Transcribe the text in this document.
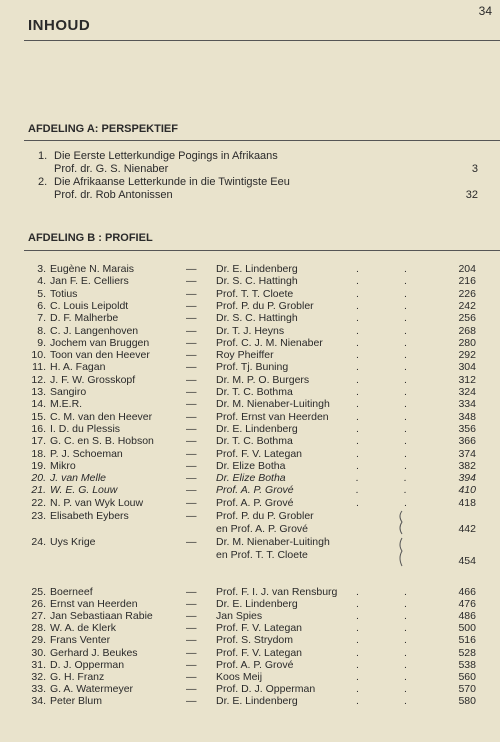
34
INHOUD
AFDELING A: PERSPEKTIEF
1. Die Eerste Letterkundige Pogings in Afrikaans
Prof. dr. G. S. Nienaber	3
2. Die Afrikaanse Letterkunde in die Twintigste Eeu
Prof. dr. Rob Antonissen	32
AFDELING B : PROFIEL
3. Eugène N. Marais	— Dr. E. Lindenberg	.	.	204
4. Jan F. E. Celliers	— Dr. S. C. Hattingh	.	.	216
5. Totius	— Prof. T. T. Cloete	.	.	226
6. C. Louis Leipoldt	— Prof. P. du P. Grobler	.	.	242
7. D. F. Malherbe	— Dr. S. C. Hattingh	.	.	256
8. C. J. Langenhoven	— Dr. T. J. Heyns	.	.	268
9. Jochem van Bruggen	— Prof. C. J. M. Nienaber	.	.	280
10. Toon van den Heever	— Roy Pheiffer	.	.	292
11. H. A. Fagan	— Prof. Tj. Buning	.	.	304
12. J. F. W. Grosskopf	— Dr. M. P. O. Burgers	.	.	312
13. Sangiro	— Dr. T. C. Bothma	.	.	324
14. M.E.R.	— Dr. M. Nienaber-Luitingh .	.	334
15. C. M. van den Heever	— Prof. Ernst van Heerden	.	.	348
16. I. D. du Plessis	— Dr. E. Lindenberg	.	.	356
17. G. C. en S. B. Hobson	— Dr. T. C. Bothma	.	.	366
18. P. J. Schoeman	— Prof. F. V. Lategan	.	.	374
19. Mikro	— Dr. Elize Botha	.	.	382
20. J. van Melle	— Dr. Elize Botha	.	.	394
21. W. E. G. Louw	— Prof. A. P. Grové	.	.	410
22. N. P. van Wyk Louw	— Prof. A. P. Grové	.	.	418
23. Elisabeth Eybers	— Prof. P. du P. Grobler
en Prof. A. P. Grové	442
24. Uys Krige	— Dr. M. Nienaber-Luitingh
en Prof. T. T. Cloete	454
25. Boerneef	— Prof. F. I. J. van Rensburg .	.	466
26. Ernst van Heerden	— Dr. E. Lindenberg	.	.	476
27. Jan Sebastiaan Rabie	— Jan Spies	.	.	486
28. W. A. de Klerk	— Prof. F. V. Lategan	.	.	500
29. Frans Venter	— Prof. S. Strydom	.	.	516
30. Gerhard J. Beukes	— Prof. F. V. Lategan	.	.	528
31. D. J. Opperman	— Prof. A. P. Grové	.	.	538
32. G. H. Franz	— Koos Meij	.	.	560
33. G. A. Watermeyer	— Prof. D. J. Opperman	.	.	570
34. Peter Blum	— Dr. E. Lindenberg	.	.	580
